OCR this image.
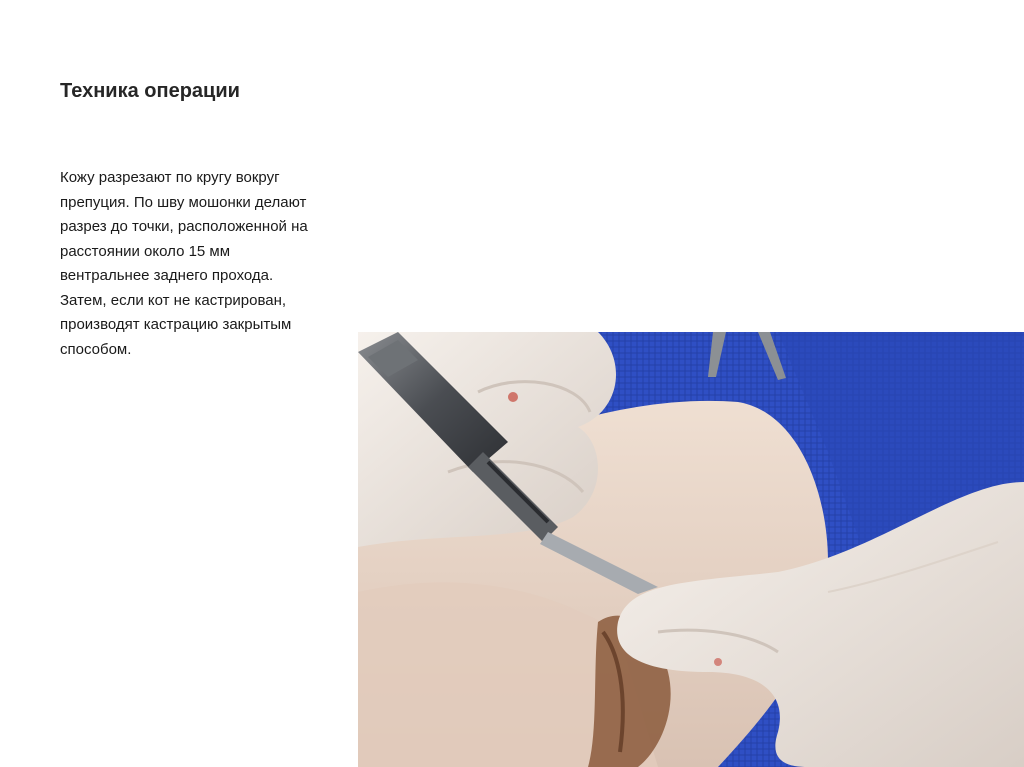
Техника операции
Кожу разрезают по кругу вокруг
препуция. По шву мошонки делают
разрез до точки, расположенной на
расстоянии около 15 мм
вентральнее заднего прохода.
Затем, если кот не кастрирован,
производят кастрацию закрытым
способом.
